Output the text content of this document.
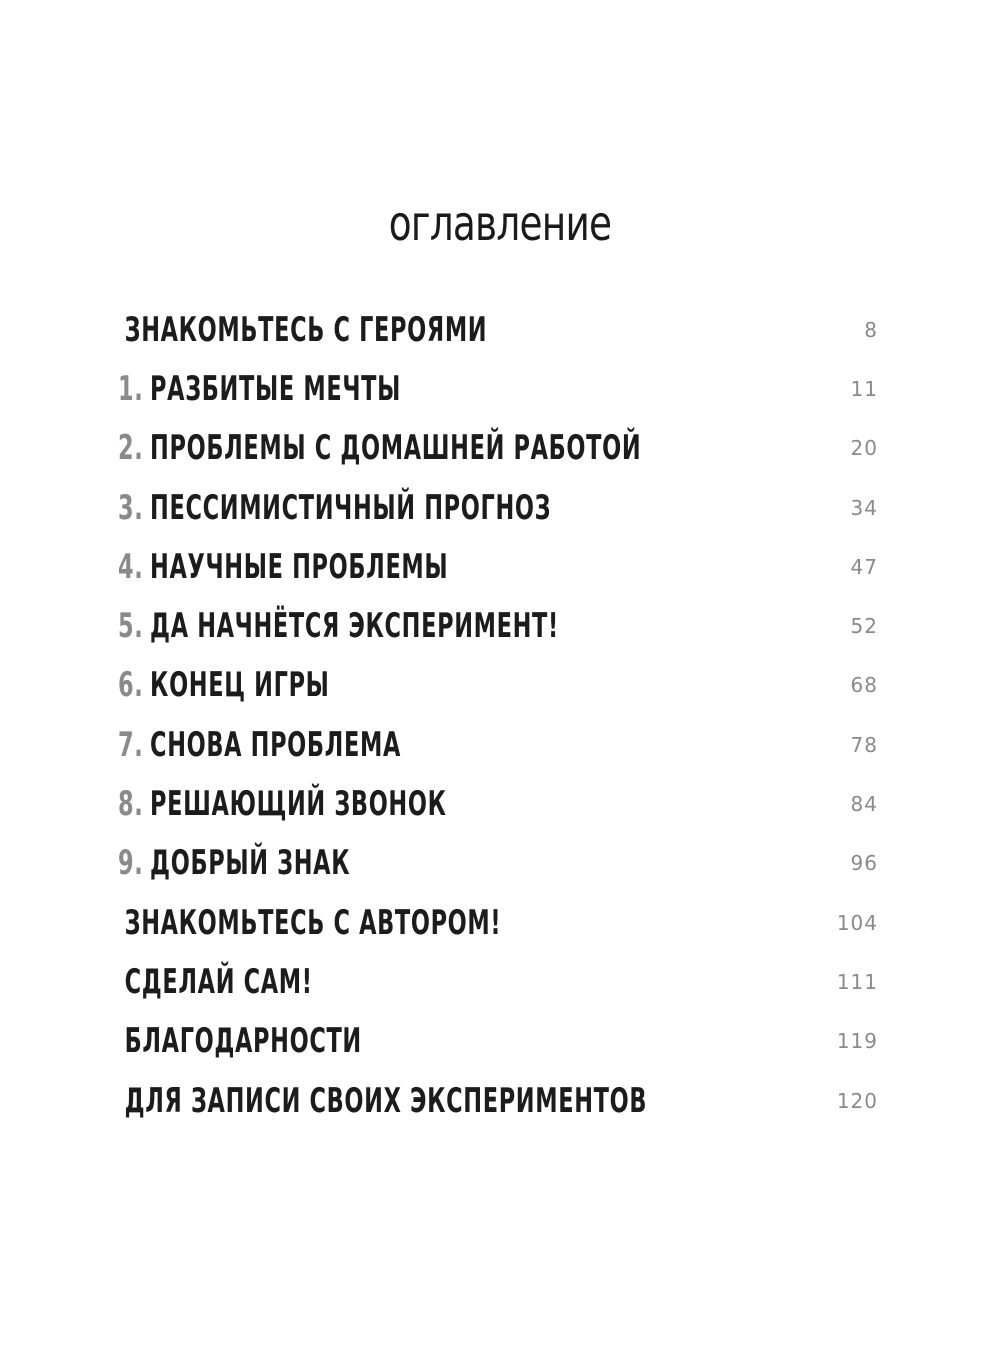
оглавление
ЗНАКОМЬТЕСЬ С ГЕРОЯМИ	8
1. РАЗБИТЫЕ МЕЧТЫ	11
2. ПРОБЛЕМЫ С ДОМАШНЕЙ РАБОТОЙ	20
3. ПЕССИМИСТИЧНЫЙ ПРОГНОЗ	34
4. НАУЧНЫЕ ПРОБЛЕМЫ	47
5. ДА НАЧНЁТСЯ ЭКСПЕРИМЕНТ!	52
6. КОНЕЦ ИГРЫ	68
7. СНОВА ПРОБЛЕМА	78
8. РЕШАЮЩИЙ ЗВОНОК	84
9. ДОБРЫЙ ЗНАК	96
ЗНАКОМЬТЕСЬ С АВТОРОМ!	104
СДЕЛАЙ САМ!	111
БЛАГОДАРНОСТИ	119
ДЛЯ ЗАПИСИ СВОИХ ЭКСПЕРИМЕНТОВ	120
